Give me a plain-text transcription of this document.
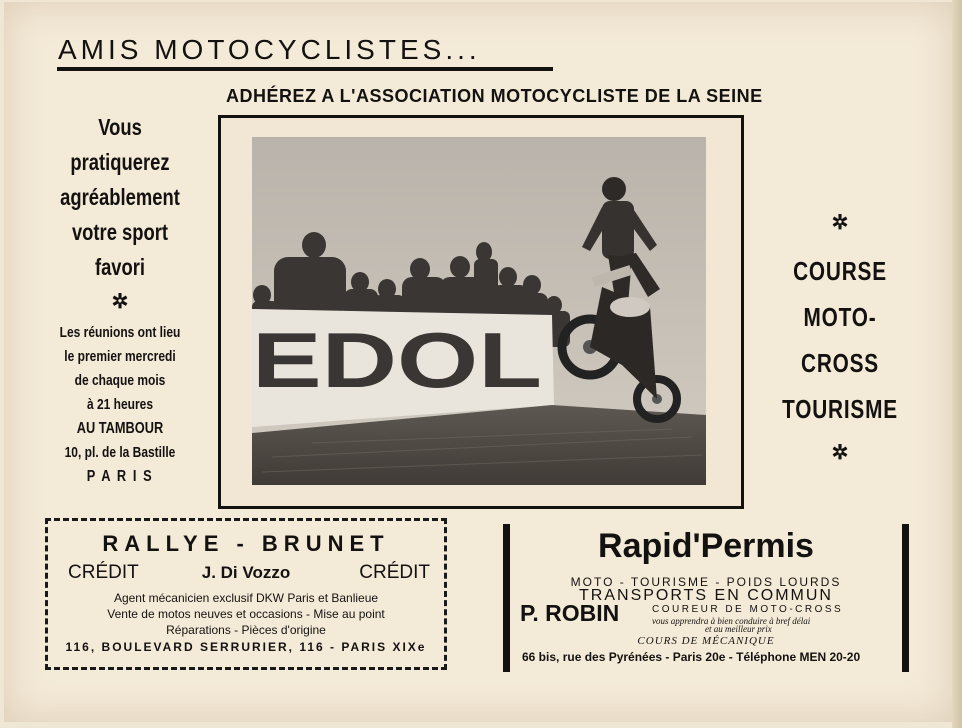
AMIS MOTOCYCLISTES...
ADHÉREZ A L'ASSOCIATION MOTOCYCLISTE DE LA SEINE
Vous
pratiquerez
agréablement
votre sport
favori
✲
Les réunions ont lieu
le premier mercredi
de chaque mois
à 21 heures
AU TAMBOUR
10, pl. de la Bastille
P A R I S
✲
COURSE
MOTO-CROSS
TOURISME
✲
EDOL
RALLYE - BRUNET
CRÉDIT	J. Di Vozzo	CRÉDIT
Agent mécanicien exclusif DKW Paris et Banlieue
Vente de motos neuves et occasions - Mise au point
Réparations - Pièces d'origine
116, BOULEVARD SERRURIER, 116 - PARIS XIXe
Rapid'Permis
MOTO - TOURISME - POIDS LOURDS
TRANSPORTS EN COMMUN
P. ROBIN	COUREUR DE MOTO-CROSS
vous apprendra à bien conduire à bref délai
et au meilleur prix
COURS DE MÉCANIQUE
66 bis, rue des Pyrénées - Paris 20e - Téléphone MEN 20-20
